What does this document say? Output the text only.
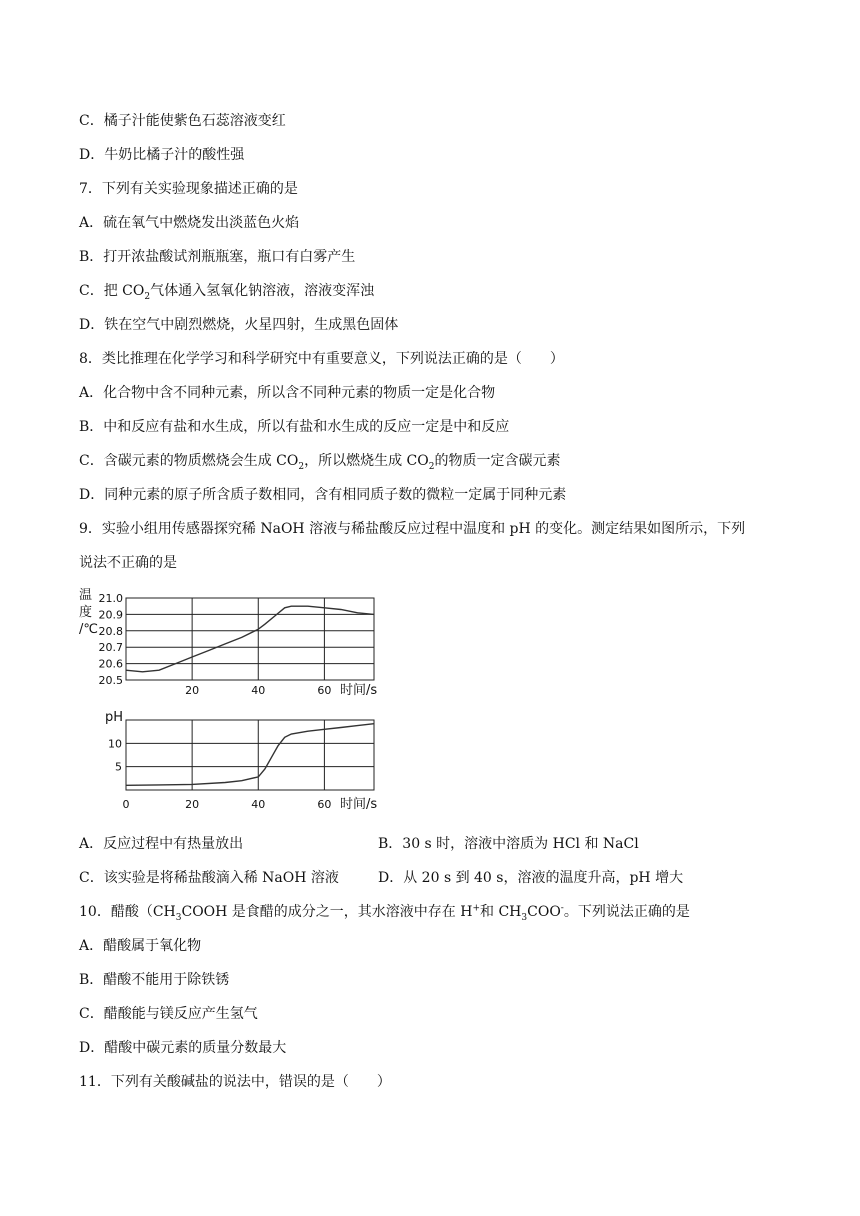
C．橘子汁能使紫色石蕊溶液变红
D．牛奶比橘子汁的酸性强
7．下列有关实验现象描述正确的是
A．硫在氧气中燃烧发出淡蓝色火焰
B．打开浓盐酸试剂瓶瓶塞，瓶口有白雾产生
C．把 $CO_2$气体通入氢氧化钠溶液，溶液变浑浊
D．铁在空气中剧烈燃烧，火星四射，生成黑色固体
8．类比推理在化学学习和科学研究中有重要意义，下列说法正确的是（　　）
A．化合物中含不同种元素，所以含不同种元素的物质一定是化合物
B．中和反应有盐和水生成，所以有盐和水生成的反应一定是中和反应
C．含碳元素的物质燃烧会生成 $CO_2$，所以燃烧生成 $CO_2$的物质一定含碳元素
D．同种元素的原子所含质子数相同，含有相同质子数的微粒一定属于同种元素
9．实验小组用传感器探究稀 NaOH 溶液与稀盐酸反应过程中温度和 pH 的变化。测定结果如图所示，下列
说法不正确的是
21.0
20.9
20.8
20.7
20.6
20.5
20	40	60
温
度
/℃
时间/s
10
5
0	20	40	60
pH
时间/s
A．反应过程中有热量放出	B．30 s 时，溶液中溶质为 HCl 和 NaCl
C．该实验是将稀盐酸滴入稀 NaOH 溶液	D．从 20 s 到 40 s，溶液的温度升高，pH 增大
10．醋酸（$CH_3COOH$ 是食醋的成分之一，其水溶液中存在 H+和 $CH_3COO^-$。下列说法正确的是
A．醋酸属于氧化物
B．醋酸不能用于除铁锈
C．醋酸能与镁反应产生氢气
D．醋酸中碳元素的质量分数最大
11．下列有关酸碱盐的说法中，错误的是（　　）
